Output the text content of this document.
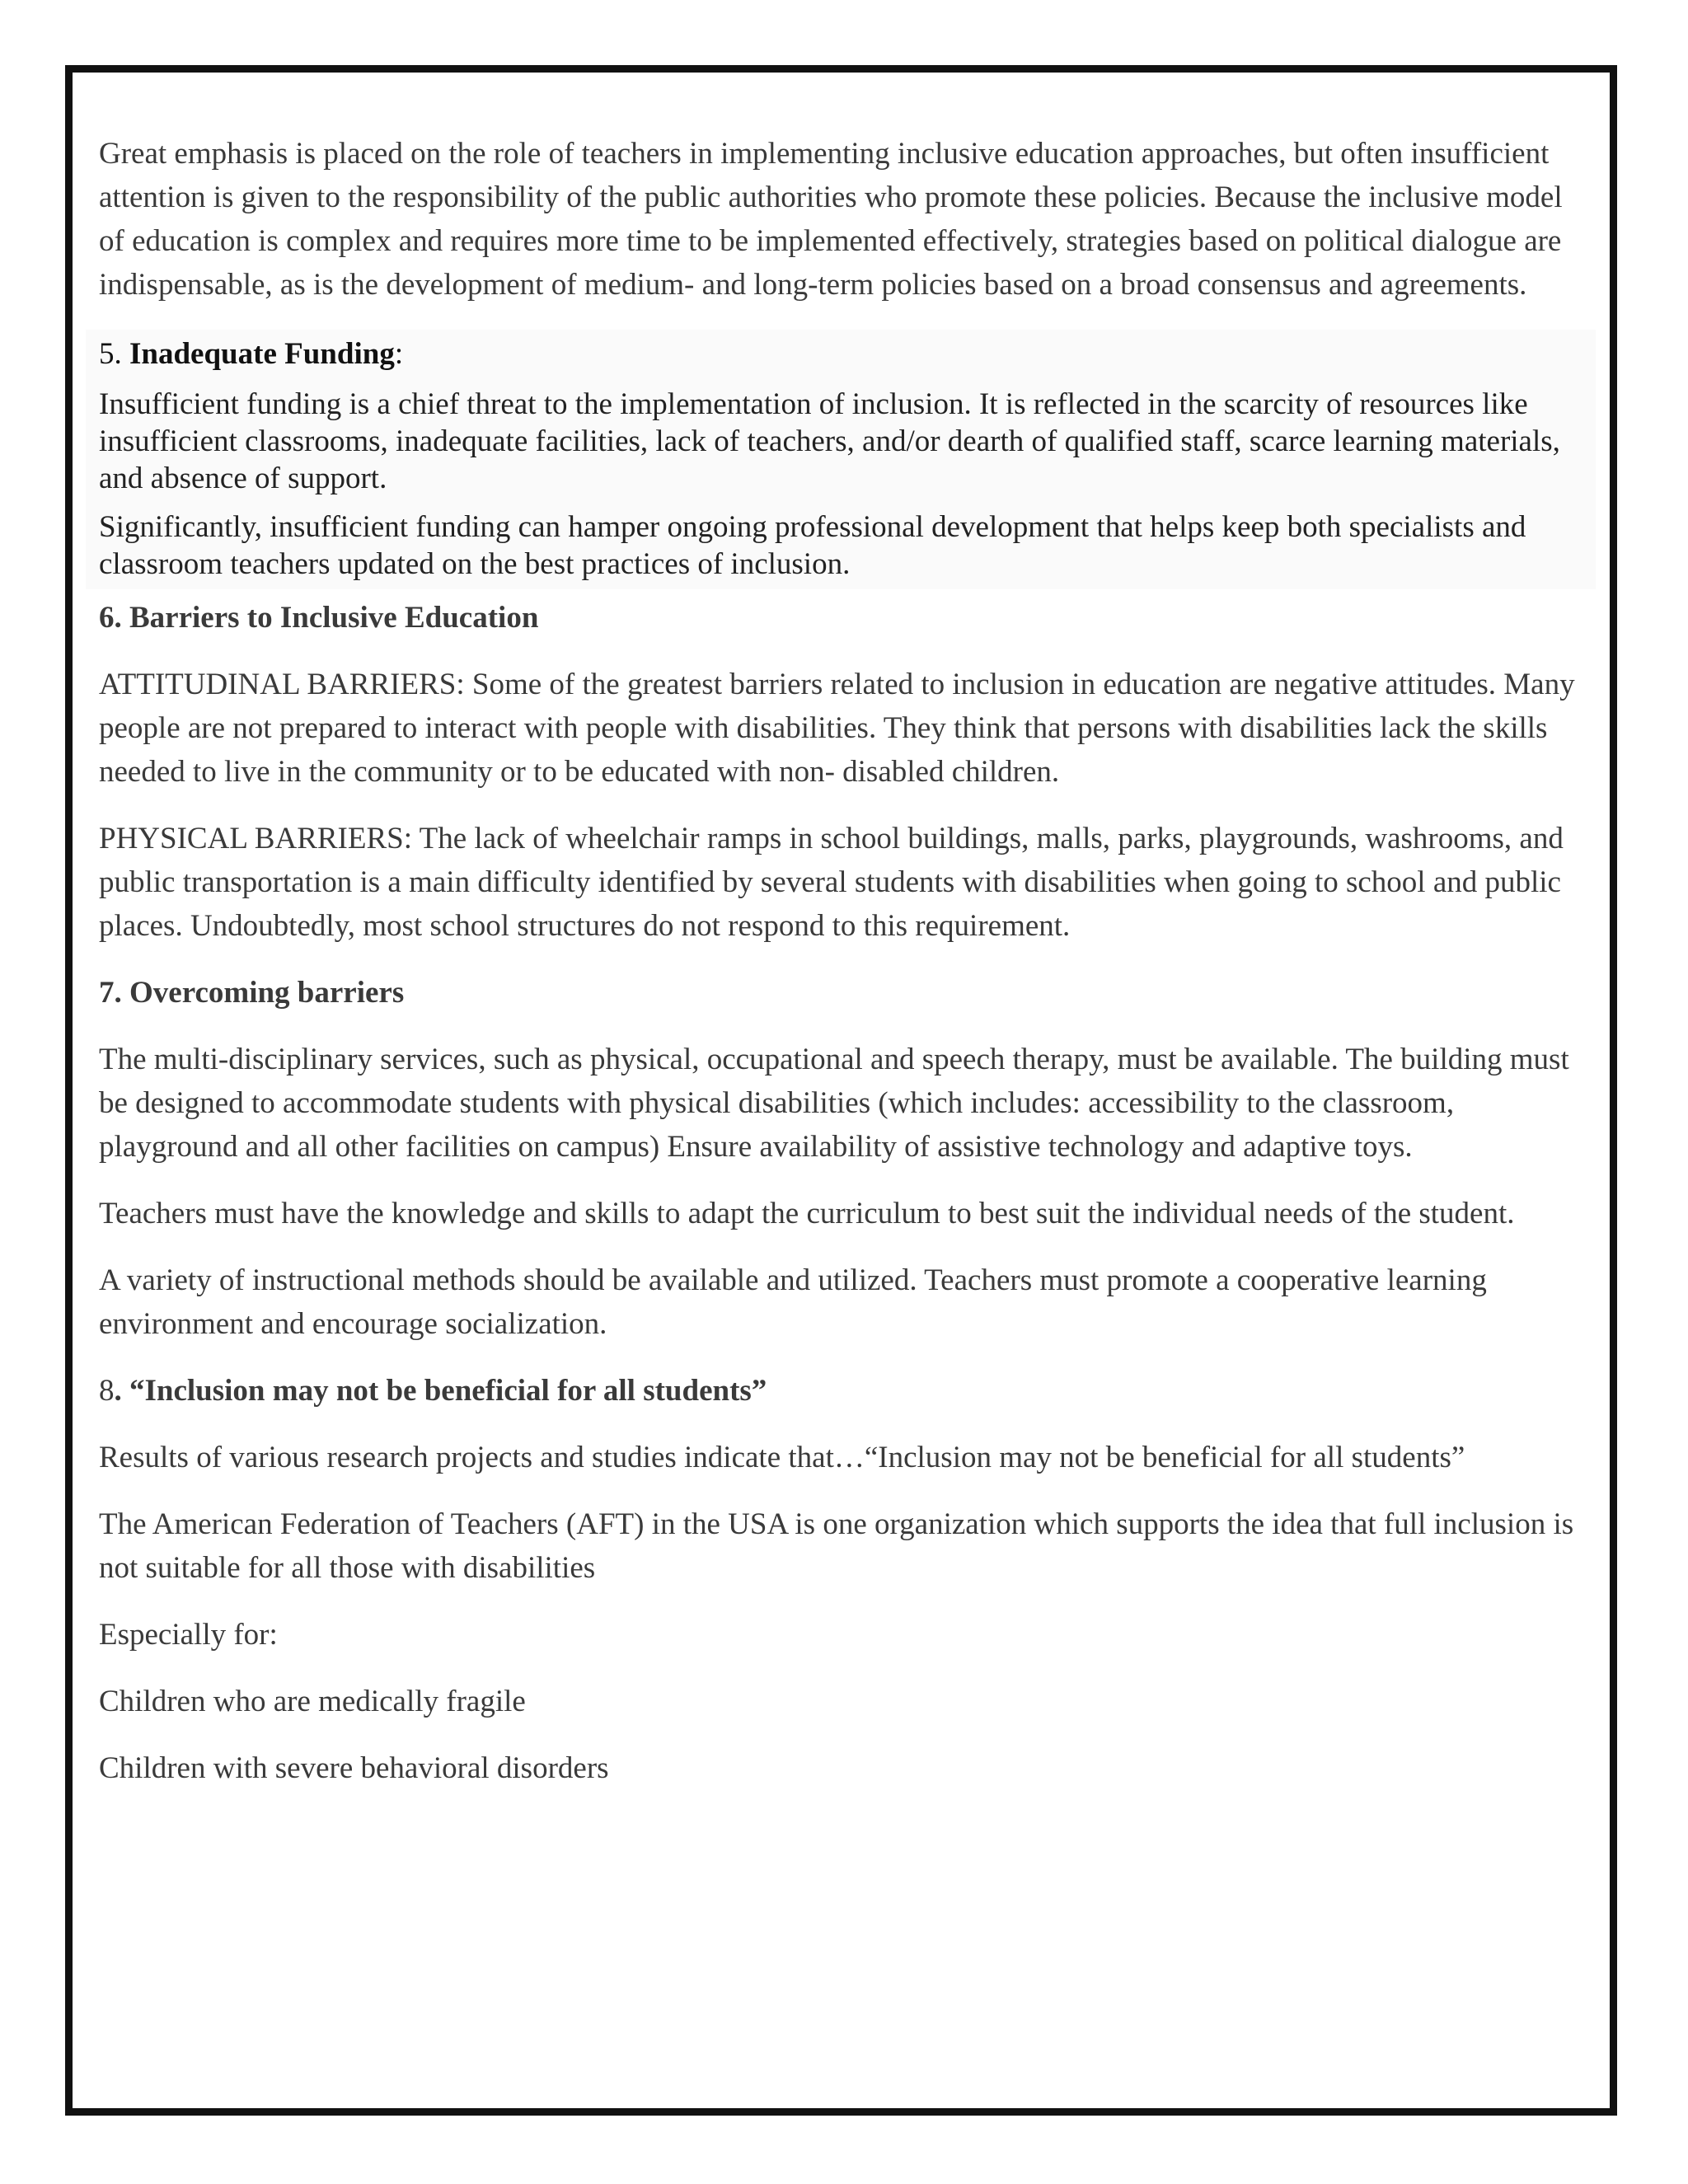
Great emphasis is placed on the role of teachers in implementing inclusive education approaches, but often insufficient attention is given to the responsibility of the public authorities who promote these policies. Because the inclusive model of education is complex and requires more time to be implemented effectively, strategies based on political dialogue are indispensable, as is the development of medium- and long-term policies based on a broad consensus and agreements.

5. Inadequate Funding:

Insufficient funding is a chief threat to the implementation of inclusion. It is reflected in the scarcity of resources like insufficient classrooms, inadequate facilities, lack of teachers, and/or dearth of qualified staff, scarce learning materials, and absence of support.

Significantly, insufficient funding can hamper ongoing professional development that helps keep both specialists and classroom teachers updated on the best practices of inclusion.

6. Barriers to Inclusive Education

ATTITUDINAL BARRIERS: Some of the greatest barriers related to inclusion in education are negative attitudes. Many people are not prepared to interact with people with disabilities. They think that persons with disabilities lack the skills needed to live in the community or to be educated with non- disabled children.

PHYSICAL BARRIERS: The lack of wheelchair ramps in school buildings, malls, parks, playgrounds, washrooms, and public transportation is a main difficulty identified by several students with disabilities when going to school and public places. Undoubtedly, most school structures do not respond to this requirement.

7. Overcoming barriers

The multi-disciplinary services, such as physical, occupational and speech therapy, must be available. The building must be designed to accommodate students with physical disabilities (which includes: accessibility to the classroom, playground and all other facilities on campus) Ensure availability of assistive technology and adaptive toys.

Teachers must have the knowledge and skills to adapt the curriculum to best suit the individual needs of the student.

A variety of instructional methods should be available and utilized. Teachers must promote a cooperative learning environment and encourage socialization.

8. “Inclusion may not be beneficial for all students”

Results of various research projects and studies indicate that…“Inclusion may not be beneficial for all students”

The American Federation of Teachers (AFT) in the USA is one organization which supports the idea that full inclusion is not suitable for all those with disabilities

Especially for:

Children who are medically fragile

Children with severe behavioral disorders
